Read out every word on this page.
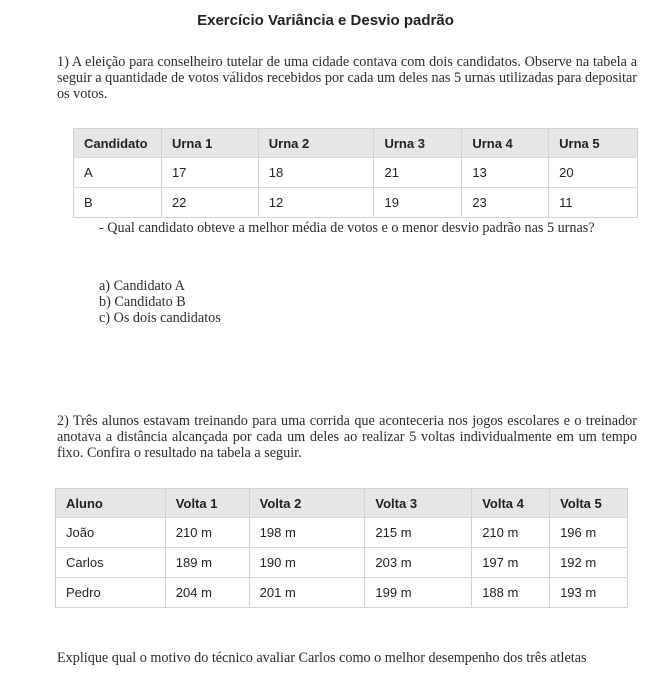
Exercício Variância e Desvio padrão

1) A eleição para conselheiro tutelar de uma cidade contava com dois candidatos. Observe na tabela a seguir a quantidade de votos válidos recebidos por cada um deles nas 5 urnas utilizadas para depositar os votos.

Candidato	Urna 1	Urna 2	Urna 3	Urna 4	Urna 5
A	17	18	21	13	20
B	22	12	19	23	11

- Qual candidato obteve a melhor média de votos e o menor desvio padrão nas 5 urnas?

a) Candidato A
b) Candidato B
c) Os dois candidatos

2) Três alunos estavam treinando para uma corrida que aconteceria nos jogos escolares e o treinador anotava a distância alcançada por cada um deles ao realizar 5 voltas individualmente em um tempo fixo. Confira o resultado na tabela a seguir.

Aluno	Volta 1	Volta 2	Volta 3	Volta 4	Volta 5
João	210 m	198 m	215 m	210 m	196 m
Carlos	189 m	190 m	203 m	197 m	192 m
Pedro	204 m	201 m	199 m	188 m	193 m

Explique qual o motivo do técnico avaliar Carlos como o melhor desempenho dos três atletas
